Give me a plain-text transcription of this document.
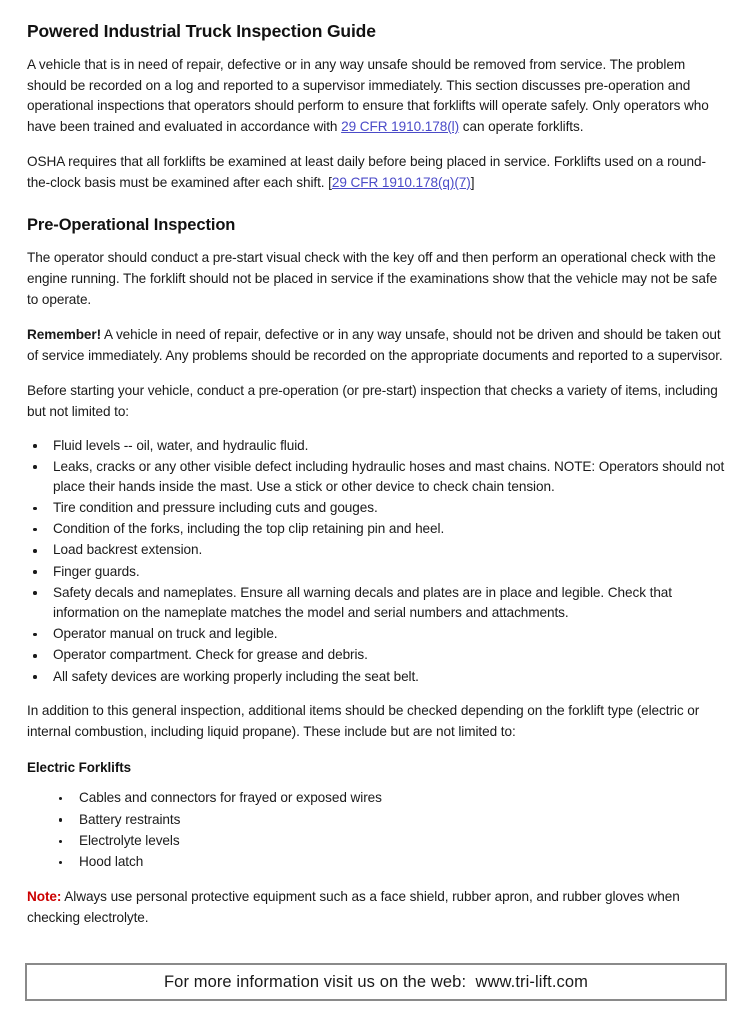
Powered Industrial Truck Inspection Guide

A vehicle that is in need of repair, defective or in any way unsafe should be removed from service. The problem should be recorded on a log and reported to a supervisor immediately. This section discusses pre-operation and operational inspections that operators should perform to ensure that forklifts will operate safely. Only operators who have been trained and evaluated in accordance with 29 CFR 1910.178(l) can operate forklifts.

OSHA requires that all forklifts be examined at least daily before being placed in service. Forklifts used on a round-the-clock basis must be examined after each shift. [29 CFR 1910.178(q)(7)]

Pre-Operational Inspection

The operator should conduct a pre-start visual check with the key off and then perform an operational check with the engine running. The forklift should not be placed in service if the examinations show that the vehicle may not be safe to operate.

Remember! A vehicle in need of repair, defective or in any way unsafe, should not be driven and should be taken out of service immediately. Any problems should be recorded on the appropriate documents and reported to a supervisor.

Before starting your vehicle, conduct a pre-operation (or pre-start) inspection that checks a variety of items, including but not limited to:

Fluid levels -- oil, water, and hydraulic fluid.
Leaks, cracks or any other visible defect including hydraulic hoses and mast chains. NOTE: Operators should not place their hands inside the mast. Use a stick or other device to check chain tension.
Tire condition and pressure including cuts and gouges.
Condition of the forks, including the top clip retaining pin and heel.
Load backrest extension.
Finger guards.
Safety decals and nameplates. Ensure all warning decals and plates are in place and legible. Check that information on the nameplate matches the model and serial numbers and attachments.
Operator manual on truck and legible.
Operator compartment. Check for grease and debris.
All safety devices are working properly including the seat belt.

In addition to this general inspection, additional items should be checked depending on the forklift type (electric or internal combustion, including liquid propane). These include but are not limited to:

Electric Forklifts
Cables and connectors for frayed or exposed wires
Battery restraints
Electrolyte levels
Hood latch

Note: Always use personal protective equipment such as a face shield, rubber apron, and rubber gloves when checking electrolyte.

For more information visit us on the web:  www.tri-lift.com
